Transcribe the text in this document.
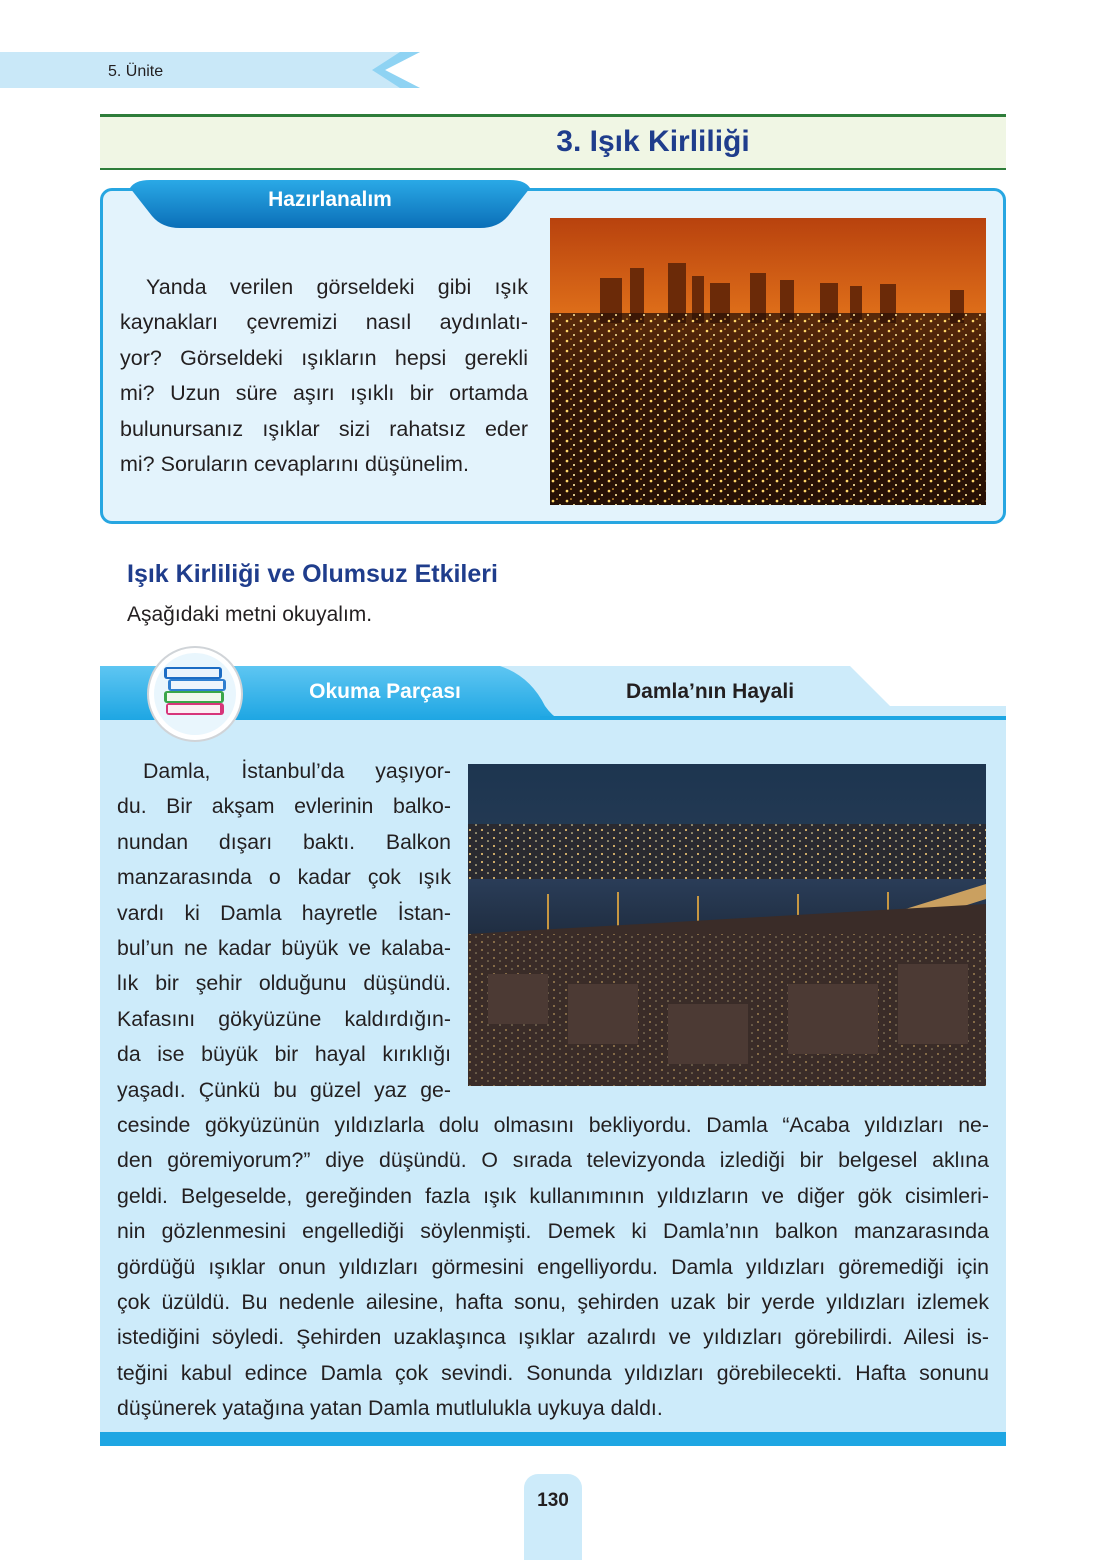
5. Ünite
3. Işık Kirliliği
Hazırlanalım
Yanda verilen görseldeki gibi ışık
kaynakları çevremizi nasıl aydınlatı-
yor? Görseldeki ışıkların hepsi gerekli
mi? Uzun süre aşırı ışıklı bir ortamda
bulunursanız ışıklar sizi rahatsız eder
mi? Soruların cevaplarını düşünelim.
Işık Kirliliği ve Olumsuz Etkileri
Aşağıdaki metni okuyalım.
Okuma Parçası	Damla’nın Hayali
Damla, İstanbul’da yaşıyor-
du. Bir akşam evlerinin balko-
nundan dışarı baktı. Balkon
manzarasında o kadar çok ışık
vardı ki Damla hayretle İstan-
bul’un ne kadar büyük ve kalaba-
lık bir şehir olduğunu düşündü.
Kafasını gökyüzüne kaldırdığın-
da ise büyük bir hayal kırıklığı
yaşadı. Çünkü bu güzel yaz ge-
cesinde gökyüzünün yıldızlarla dolu olmasını bekliyordu. Damla “Acaba yıldızları ne-
den göremiyorum?” diye düşündü. O sırada televizyonda izlediği bir belgesel aklına
geldi. Belgeselde, gereğinden fazla ışık kullanımının yıldızların ve diğer gök cisimleri-
nin gözlenmesini engellediği söylenmişti. Demek ki Damla’nın balkon manzarasında
gördüğü ışıklar onun yıldızları görmesini engelliyordu. Damla yıldızları göremediği için
çok üzüldü. Bu nedenle ailesine, hafta sonu, şehirden uzak bir yerde yıldızları izlemek
istediğini söyledi. Şehirden uzaklaşınca ışıklar azalırdı ve yıldızları görebilirdi. Ailesi is-
teğini kabul edince Damla çok sevindi. Sonunda yıldızları görebilecekti. Hafta sonunu
düşünerek yatağına yatan Damla mutlulukla uykuya daldı.
130
